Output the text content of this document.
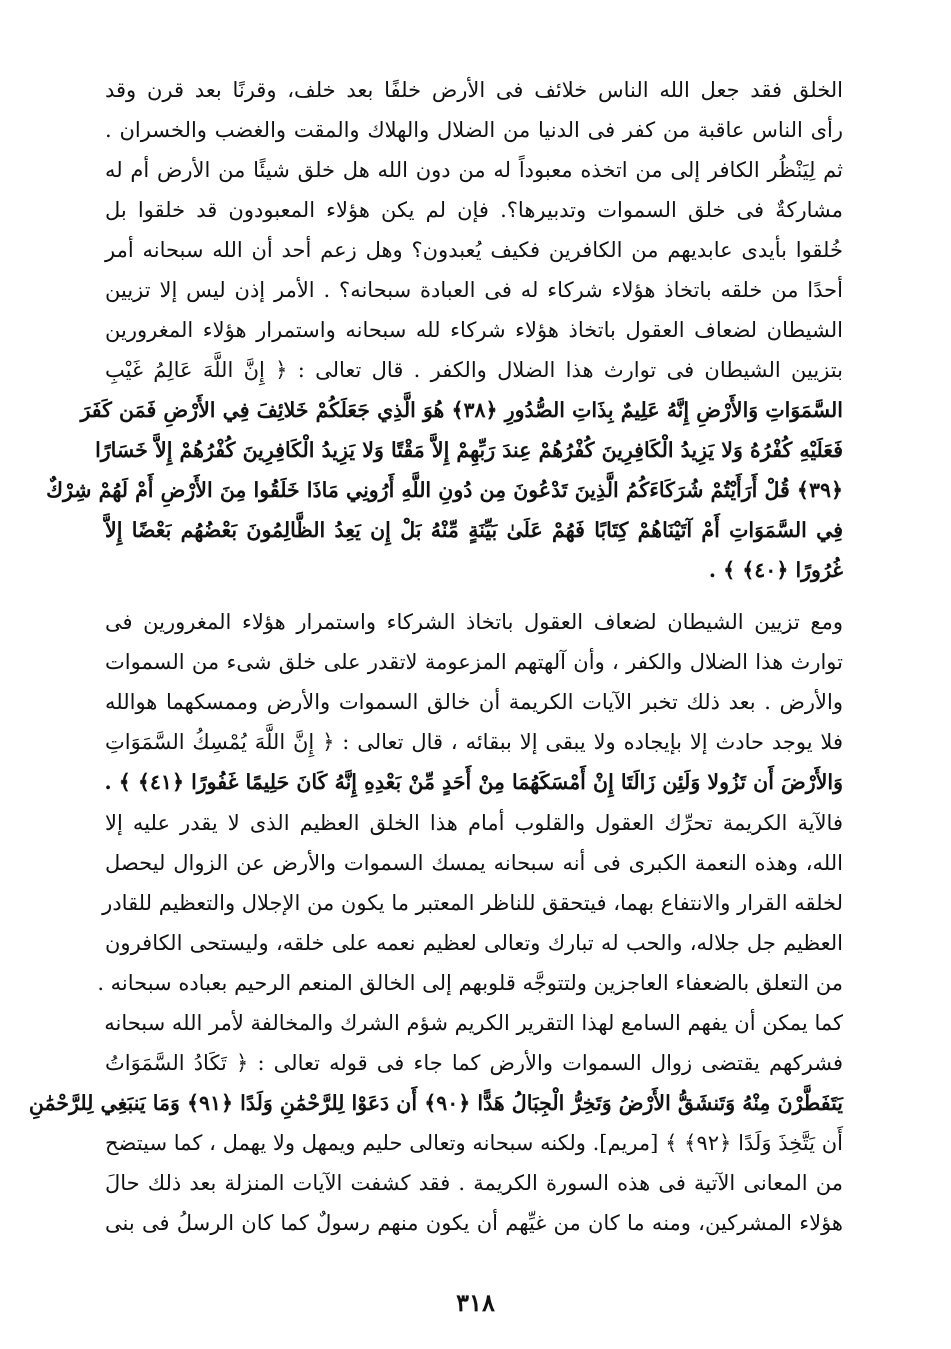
الخلق فقد جعل الله الناس خلائف فى الأرض خلفًا بعد خلف، وقرنًا بعد قرن وقد
رأى الناس عاقبة من كفر فى الدنيا من الضلال والهلاك والمقت والغضب والخسران .
ثم لِيَنْظُر الكافر إلى من اتخذه معبوداً له من دون الله هل خلق شيئًا من الأرض أم له
مشاركةٌ فى خلق السموات وتدبيرها؟. فإن لم يكن هؤلاء المعبودون قد خلقوا بل
خُلقوا بأيدى عابديهم من الكافرين فكيف يُعبدون؟ وهل زعم أحد أن الله سبحانه أمر
أحدًا من خلقه باتخاذ هؤلاء شركاء له فى العبادة سبحانه؟ . الأمر إذن ليس إلا تزيين
الشيطان لضعاف العقول باتخاذ هؤلاء شركاء لله سبحانه واستمرار هؤلاء المغرورين
بتزيين الشيطان فى توارث هذا الضلال والكفر . قال تعالى : ﴿ إِنَّ اللَّهَ عَالِمُ غَيْبِ
السَّمَوَاتِ وَالأَرْضِ إِنَّهُ عَلِيمٌ بِذَاتِ الصُّدُورِ ﴿٣٨﴾ هُوَ الَّذِي جَعَلَكُمْ خَلائِفَ فِي الأَرْضِ فَمَن كَفَرَ
فَعَلَيْهِ كُفْرُهُ وَلا يَزِيدُ الْكَافِرِينَ كُفْرُهُمْ عِندَ رَبِّهِمْ إِلاَّ مَقْتًا وَلا يَزِيدُ الْكَافِرِينَ كُفْرُهُمْ إِلاَّ خَسَارًا
﴿٣٩﴾ قُلْ أَرَأَيْتُمْ شُرَكَاءَكُمُ الَّذِينَ تَدْعُونَ مِن دُونِ اللَّهِ أَرُونِي مَاذَا خَلَقُوا مِنَ الأَرْضِ أَمْ لَهُمْ شِرْكٌ
فِي السَّمَوَاتِ أَمْ آتَيْنَاهُمْ كِتَابًا فَهُمْ عَلَىٰ بَيِّنَةٍ مِّنْهُ بَلْ إِن يَعِدُ الظَّالِمُونَ بَعْضُهُم بَعْضًا إِلاَّ
غُرُورًا ﴿٤٠﴾ ﴾ .
ومع تزيين الشيطان لضعاف العقول باتخاذ الشركاء واستمرار هؤلاء المغرورين فى
توارث هذا الضلال والكفر ، وأن آلهتهم المزعومة لاتقدر على خلق شىء من السموات
والأرض . بعد ذلك تخبر الآيات الكريمة أن خالق السموات والأرض وممسكهما هوالله
فلا يوجد حادث إلا بإيجاده ولا يبقى إلا ببقائه ، قال تعالى : ﴿ إِنَّ اللَّهَ يُمْسِكُ السَّمَوَاتِ
وَالأَرْضَ أَن تَزُولا وَلَئِن زَالَتَا إِنْ أَمْسَكَهُمَا مِنْ أَحَدٍ مِّنْ بَعْدِهِ إِنَّهُ كَانَ حَلِيمًا غَفُورًا ﴿٤١﴾ ﴾ .
فالآية الكريمة تحرِّك العقول والقلوب أمام هذا الخلق العظيم الذى لا يقدر عليه إلا
الله، وهذه النعمة الكبرى فى أنه سبحانه يمسك السموات والأرض عن الزوال ليحصل
لخلقه القرار والانتفاع بهما، فيتحقق للناظر المعتبر ما يكون من الإجلال والتعظيم للقادر
العظيم جل جلاله، والحب له تبارك وتعالى لعظيم نعمه على خلقه، وليستحى الكافرون
من التعلق بالضعفاء العاجزين ولتتوجَّه قلوبهم إلى الخالق المنعم الرحيم بعباده سبحانه .
كما يمكن أن يفهم السامع لهذا التقرير الكريم شؤم الشرك والمخالفة لأمر الله سبحانه
فشركهم يقتضى زوال السموات والأرض كما جاء فى قوله تعالى : ﴿ تَكَادُ السَّمَوَاتُ
يَتَفَطَّرْنَ مِنْهُ وَتَنشَقُّ الأَرْضُ وَتَخِرُّ الْجِبَالُ هَدًّا ﴿٩٠﴾ أَن دَعَوْا لِلرَّحْمَٰنِ وَلَدًا ﴿٩١﴾ وَمَا يَنبَغِي لِلرَّحْمَٰنِ
أَن يَتَّخِذَ وَلَدًا ﴿٩٢﴾ ﴾ [مريم]. ولكنه سبحانه وتعالى حليم ويمهل ولا يهمل ، كما سيتضح
من المعانى الآتية فى هذه السورة الكريمة . فقد كشفت الآيات المنزلة بعد ذلك حالَ
هؤلاء المشركين، ومنه ما كان من غيِّهم أن يكون منهم رسولٌ كما كان الرسلُ فى بنى
٣١٨
